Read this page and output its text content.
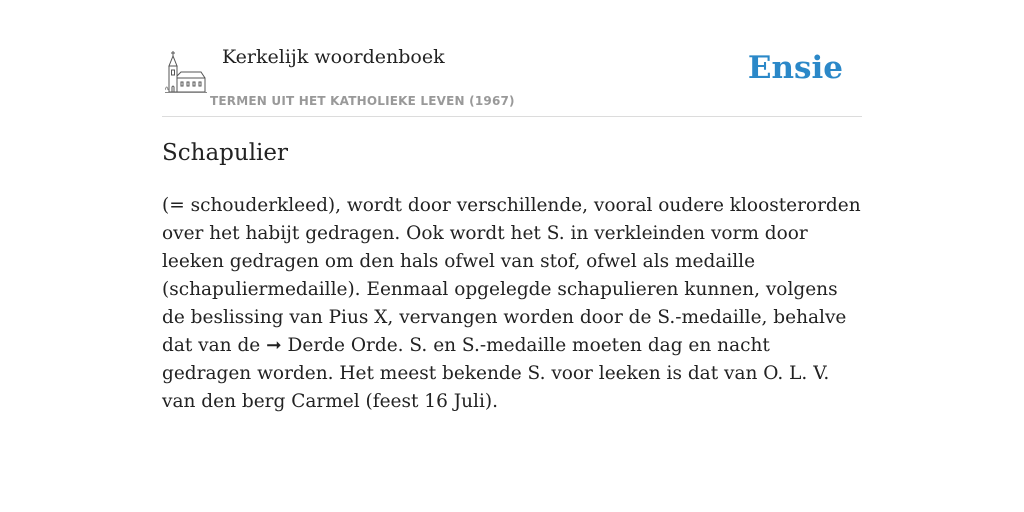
Kerkelijk woordenboek
TERMEN UIT HET KATHOLIEKE LEVEN (1967)
Ensie
Schapulier

(= schouderkleed), wordt door verschillende, vooral oudere kloosterorden over het habijt gedragen. Ook wordt het S. in verkleinden vorm door leeken gedragen om den hals ofwel van stof, ofwel als medaille (schapuliermedaille). Eenmaal opgelegde schapulieren kunnen, volgens de beslissing van Pius X, vervangen worden door de S.-medaille, behalve dat van de ➞ Derde Orde. S. en S.-medaille moeten dag en nacht gedragen worden. Het meest bekende S. voor leeken is dat van O. L. V. van den berg Carmel (feest 16 Juli).
